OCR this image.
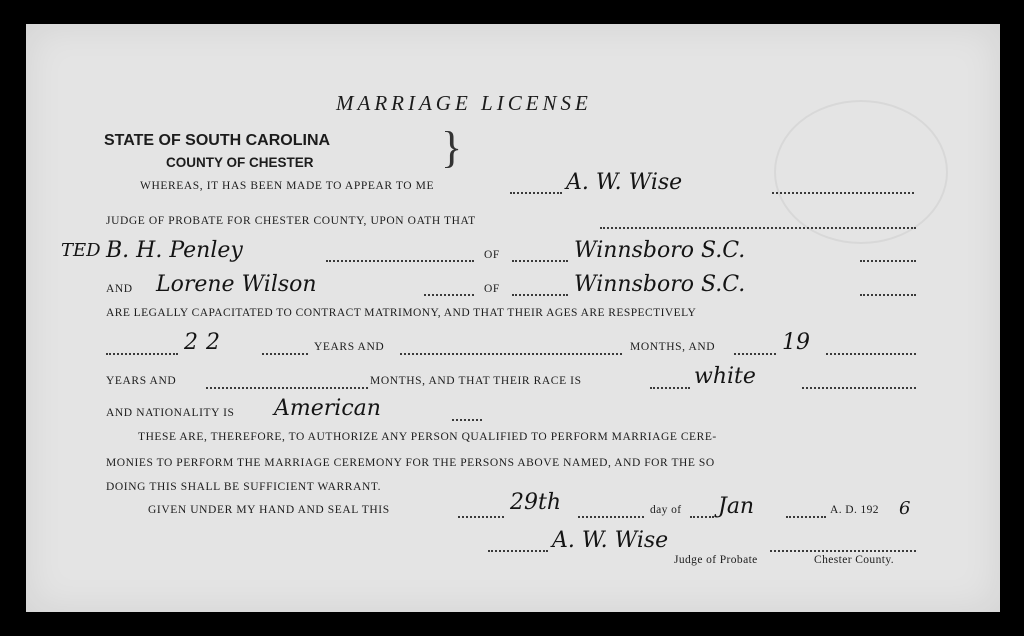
MARRIAGE LICENSE
STATE OF SOUTH CAROLINA
COUNTY OF CHESTER	}
WHEREAS, IT HAS BEEN MADE TO APPEAR TO ME	A. W. Wise
JUDGE OF PROBATE FOR CHESTER COUNTY, UPON OATH THAT
TED B. H. Penley	OF	Winnsboro S.C.
AND Lorene Wilson	OF	Winnsboro S.C.
ARE LEGALLY CAPACITATED TO CONTRACT MATRIMONY, AND THAT THEIR AGES ARE RESPECTIVELY
22	YEARS AND	MONTHS, AND	19
YEARS AND	MONTHS, AND THAT THEIR RACE IS	white
AND NATIONALITY IS American
THESE ARE, THEREFORE, TO AUTHORIZE ANY PERSON QUALIFIED TO PERFORM MARRIAGE CERE-
MONIES TO PERFORM THE MARRIAGE CEREMONY FOR THE PERSONS ABOVE NAMED, AND FOR THE SO
DOING THIS SHALL BE SUFFICIENT WARRANT.
GIVEN UNDER MY HAND AND SEAL THIS	29th	day of Jan	A. D. 192 6
A. W. Wise
Judge of Probate	Chester County.
